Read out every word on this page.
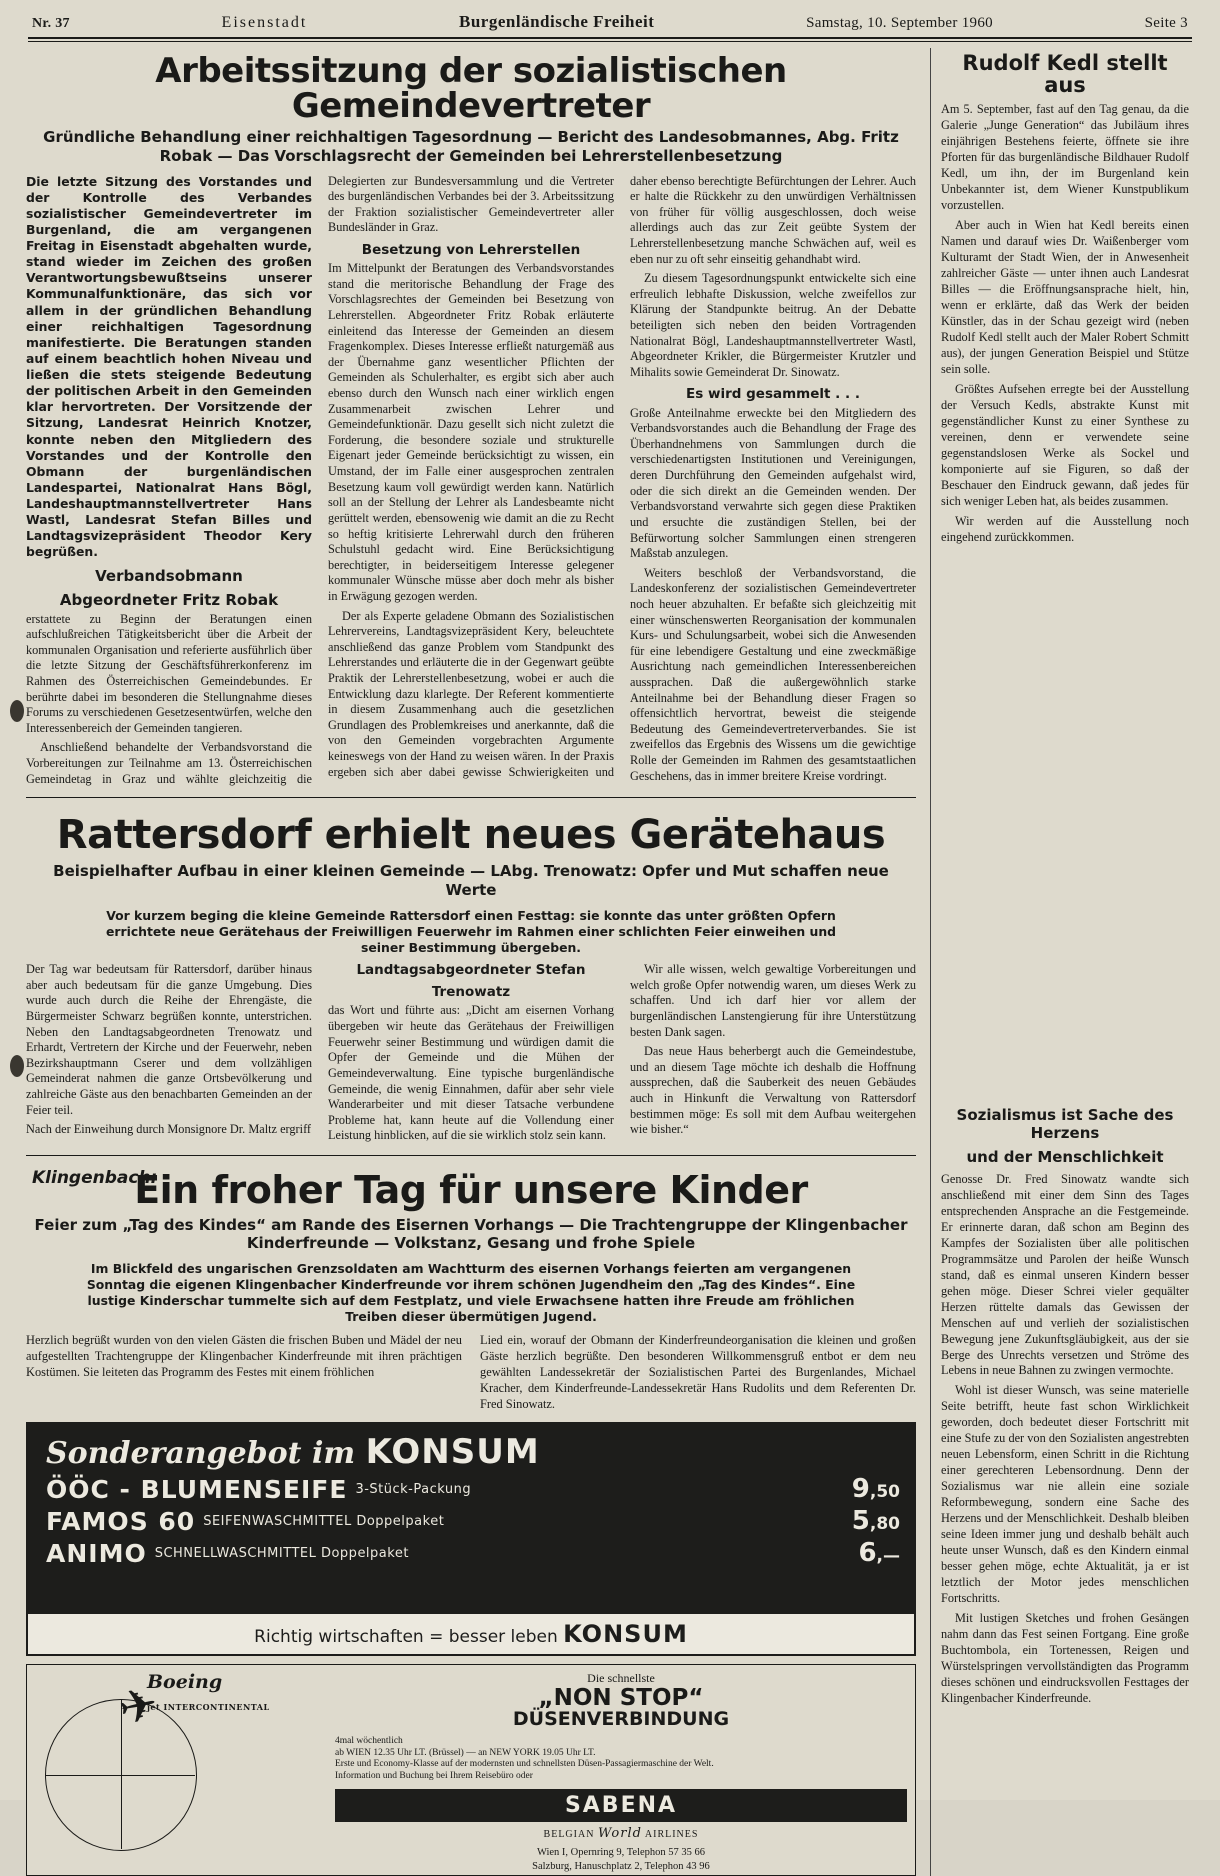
Nr. 37	Eisenstadt	Burgenländische Freiheit	Samstag, 10. September 1960	Seite 3
Arbeitssitzung der sozialistischen Gemeindevertreter
Gründliche Behandlung einer reichhaltigen Tagesordnung — Bericht des Landesobmannes, Abg. Fritz Robak — Das Vorschlagsrecht der Gemeinden bei Lehrerstellenbesetzung

Die letzte Sitzung des Vorstandes und der Kontrolle des Verbandes sozialistischer Gemeindevertreter im Burgenland, die am vergangenen Freitag in Eisenstadt abgehalten wurde, stand wieder im Zeichen des großen Verantwortungsbewußtseins unserer Kommunalfunktionäre, das sich vor allem in der gründlichen Behandlung einer reichhaltigen Tagesordnung manifestierte. Die Beratungen standen auf einem beachtlich hohen Niveau und ließen die stets steigende Bedeutung der politischen Arbeit in den Gemeinden klar hervortreten. Der Vorsitzende der Sitzung, Landesrat Heinrich Knotzer, konnte neben den Mitgliedern des Vorstandes und der Kontrolle den Obmann der burgenländischen Landespartei, Nationalrat Hans Bögl, Landeshauptmannstellvertreter Hans Wastl, Landesrat Stefan Billes und Landtagsvizepräsident Theodor Kery begrüßen.

Verbandsobmann
Abgeordneter Fritz Robak

erstattete zu Beginn der Beratungen einen aufschlußreichen Tätigkeitsbericht über die Arbeit der kommunalen Organisation und referierte ausführlich über die letzte Sitzung der Geschäftsführerkonferenz im Rahmen des Österreichischen Gemeindebundes. Er berührte dabei im besonderen die Stellungnahme dieses Forums zu verschiedenen Gesetzesentwürfen, welche den Interessenbereich der Gemeinden tangieren.

Anschließend behandelte der Verbandsvorstand die Vorbereitungen zur Teilnahme am 13. Österreichischen Gemeindetag in Graz und wählte gleichzeitig die Delegierten zur Bundesversammlung und die Vertreter des burgenländischen Verbandes bei der 3. Arbeitssitzung der Fraktion sozialistischer Gemeindevertreter aller Bundesländer in Graz.

Besetzung von Lehrerstellen

Im Mittelpunkt der Beratungen des Verbandsvorstandes stand die meritorische Behandlung der Frage des Vorschlagsrechtes der Gemeinden bei Besetzung von Lehrerstellen. Abgeordneter Fritz Robak erläuterte einleitend das Interesse der Gemeinden an diesem Fragenkomplex. Dieses Interesse erfließt naturgemäß aus der Übernahme ganz wesentlicher Pflichten der Gemeinden als Schulerhalter, es ergibt sich aber auch ebenso durch den Wunsch nach einer wirklich engen Zusammenarbeit zwischen Lehrer und Gemeindefunktionär. Dazu gesellt sich nicht zuletzt die Forderung, die besondere soziale und strukturelle Eigenart jeder Gemeinde berücksichtigt zu wissen, ein Umstand, der im Falle einer ausgesprochen zentralen Besetzung kaum voll gewürdigt werden kann. Natürlich soll an der Stellung der Lehrer als Landesbeamte nicht gerüttelt werden, ebensowenig wie damit an die zu Recht so heftig kritisierte Lehrerwahl durch den früheren Schulstuhl gedacht wird. Eine Berücksichtigung berechtigter, in beiderseitigem Interesse gelegener kommunaler Wünsche müsse aber doch mehr als bisher in Erwägung gezogen werden.

Der als Experte geladene Obmann des Sozialistischen Lehrervereins, Landtagsvizepräsident Kery, beleuchtete anschließend das ganze Problem vom Standpunkt des Lehrerstandes und erläuterte die in der Gegenwart geübte Praktik der Lehrerstellenbesetzung, wobei er auch die Entwicklung dazu klarlegte. Der Referent kommentierte in diesem Zusammenhang auch die gesetzlichen Grundlagen des Problemkreises und anerkannte, daß die von den Gemeinden vorgebrachten Argumente keineswegs von der Hand zu weisen wären. In der Praxis ergeben sich aber dabei gewisse Schwierigkeiten und daher ebenso berechtigte Befürchtungen der Lehrer. Auch er halte die Rückkehr zu den unwürdigen Verhältnissen von früher für völlig ausgeschlossen, doch weise allerdings auch das zur Zeit geübte System der Lehrerstellenbesetzung manche Schwächen auf, weil es eben nur zu oft sehr einseitig gehandhabt wird.

Zu diesem Tagesordnungspunkt entwickelte sich eine erfreulich lebhafte Diskussion, welche zweifellos zur Klärung der Standpunkte beitrug. An der Debatte beteiligten sich neben den beiden Vortragenden Nationalrat Bögl, Landeshauptmannstellvertreter Wastl, Abgeordneter Krikler, die Bürgermeister Krutzler und Mihalits sowie Gemeinderat Dr. Sinowatz.

Es wird gesammelt . . .

Große Anteilnahme erweckte bei den Mitgliedern des Verbandsvorstandes auch die Behandlung der Frage des Überhandnehmens von Sammlungen durch die verschiedenartigsten Institutionen und Vereinigungen, deren Durchführung den Gemeinden aufgehalst wird, oder die sich direkt an die Gemeinden wenden. Der Verbandsvorstand verwahrte sich gegen diese Praktiken und ersuchte die zuständigen Stellen, bei der Befürwortung solcher Sammlungen einen strengeren Maßstab anzulegen.

Weiters beschloß der Verbandsvorstand, die Landeskonferenz der sozialistischen Gemeindevertreter noch heuer abzuhalten. Er befaßte sich gleichzeitig mit einer wünschenswerten Reorganisation der kommunalen Kurs- und Schulungsarbeit, wobei sich die Anwesenden für eine lebendigere Gestaltung und eine zweckmäßige Ausrichtung nach gemeindlichen Interessenbereichen aussprachen. Daß die außergewöhnlich starke Anteilnahme bei der Behandlung dieser Fragen so offensichtlich hervortrat, beweist die steigende Bedeutung des Gemeindevertreterverbandes. Sie ist zweifellos das Ergebnis des Wissens um die gewichtige Rolle der Gemeinden im Rahmen des gesamtstaatlichen Geschehens, das in immer breitere Kreise vordringt.

Rattersdorf erhielt neues Gerätehaus
Beispielhafter Aufbau in einer kleinen Gemeinde — LAbg. Trenowatz: Opfer und Mut schaffen neue Werte

Vor kurzem beging die kleine Gemeinde Rattersdorf einen Festtag: sie konnte das unter größten Opfern errichtete neue Gerätehaus der Freiwilligen Feuerwehr im Rahmen einer schlichten Feier einweihen und seiner Bestimmung übergeben.

Der Tag war bedeutsam für Rattersdorf, darüber hinaus aber auch bedeutsam für die ganze Umgebung. Dies wurde auch durch die Reihe der Ehrengäste, die Bürgermeister Schwarz begrüßen konnte, unterstrichen. Neben den Landtagsabgeordneten Trenowatz und Erhardt, Vertretern der Kirche und der Feuerwehr, neben Bezirkshauptmann Cserer und dem vollzähligen Gemeinderat nahmen die ganze Ortsbevölkerung und zahlreiche Gäste aus den benachbarten Gemeinden an der Feier teil.

Nach der Einweihung durch Monsignore Dr. Maltz ergriff

Landtagsabgeordneter Stefan
Trenowatz

das Wort und führte aus: „Dicht am eisernen Vorhang übergeben wir heute das Gerätehaus der Freiwilligen Feuerwehr seiner Bestimmung und würdigen damit die Opfer der Gemeinde und die Mühen der Gemeindeverwaltung. Eine typische burgenländische Gemeinde, die wenig Einnahmen, dafür aber sehr viele Wanderarbeiter und mit dieser Tatsache verbundene Probleme hat, kann heute auf die Vollendung einer Leistung hinblicken, auf die sie wirklich stolz sein kann.

Wir alle wissen, welch gewaltige Vorbereitungen und welch große Opfer notwendig waren, um dieses Werk zu schaffen. Und ich darf hier vor allem der burgenländischen Lanstengierung für ihre Unterstützung besten Dank sagen.

Das neue Haus beherbergt auch die Gemeindestube, und an diesem Tage möchte ich deshalb die Hoffnung aussprechen, daß die Sauberkeit des neuen Gebäudes auch in Hinkunft die Verwaltung von Rattersdorf bestimmen möge: Es soll mit dem Aufbau weitergehen wie bisher.“

Klingenbach:
Ein froher Tag für unsere Kinder
Feier zum „Tag des Kindes“ am Rande des Eisernen Vorhangs — Die Trachtengruppe der Klingenbacher Kinderfreunde — Volkstanz, Gesang und frohe Spiele

Im Blickfeld des ungarischen Grenzsoldaten am Wachtturm des eisernen Vorhangs feierten am vergangenen Sonntag die eigenen Klingenbacher Kinderfreunde vor ihrem schönen Jugendheim den „Tag des Kindes“. Eine lustige Kinderschar tummelte sich auf dem Festplatz, und viele Erwachsene hatten ihre Freude am fröhlichen Treiben dieser übermütigen Jugend.

Herzlich begrüßt wurden von den vielen Gästen die frischen Buben und Mädel der neu aufgestellten Trachtengruppe der Klingenbacher Kinderfreunde mit ihren prächtigen Kostümen. Sie leiteten das Programm des Festes mit einem fröhlichen

Lied ein, worauf der Obmann der Kinderfreundeorganisation die kleinen und großen Gäste herzlich begrüßte. Den besonderen Willkommensgruß entbot er dem neu gewählten Landessekretär der Sozialistischen Partei des Burgenlandes, Michael Kracher, dem Kinderfreunde-Landessekretär Hans Rudolits und dem Referenten Dr. Fred Sinowatz.

Sonderangebot im KONSUM
ÖÖC - BLUMENSEIFE 3-Stück-Packung	9,50
FAMOS 60 SEIFENWASCHMITTEL Doppelpaket	5,80
ANIMO SCHNELLWASCHMITTEL Doppelpaket	6,—
Richtig wirtschaften = besser leben KONSUM
✈
Boeing
jet INTERCONTINENTAL
Die schnellste
„NON STOP“
DÜSENVERBINDUNG
4mal wöchentlich
ab WIEN 12.35 Uhr LT. (Brüssel) — an NEW YORK 19.05 Uhr LT.
Erste und Economy-Klasse auf der modernsten und schnellsten Düsen-Passagiermaschine der Welt.
Information und Buchung bei Ihrem Reisebüro oder
SABENA
BELGIAN World AIRLINES
Wien I, Opernring 9, Telephon 57 35 66
Salzburg, Hanuschplatz 2, Telephon 43 96
Rudolf Kedl stellt aus

Am 5. September, fast auf den Tag genau, da die Galerie „Junge Generation“ das Jubiläum ihres einjährigen Bestehens feierte, öffnete sie ihre Pforten für das burgenländische Bildhauer Rudolf Kedl, um ihn, der im Burgenland kein Unbekannter ist, dem Wiener Kunstpublikum vorzustellen.

Aber auch in Wien hat Kedl bereits einen Namen und darauf wies Dr. Waißenberger vom Kulturamt der Stadt Wien, der in Anwesenheit zahlreicher Gäste — unter ihnen auch Landesrat Billes — die Eröffnungsansprache hielt, hin, wenn er erklärte, daß das Werk der beiden Künstler, das in der Schau gezeigt wird (neben Rudolf Kedl stellt auch der Maler Robert Schmitt aus), der jungen Generation Beispiel und Stütze sein solle.

Größtes Aufsehen erregte bei der Ausstellung der Versuch Kedls, abstrakte Kunst mit gegenständlicher Kunst zu einer Synthese zu vereinen, denn er verwendete seine gegenstandslosen Werke als Sockel und komponierte auf sie Figuren, so daß der Beschauer den Eindruck gewann, daß jedes für sich weniger Leben hat, als beides zusammen.

Wir werden auf die Ausstellung noch eingehend zurückkommen.

Sozialismus ist Sache des Herzens
und der Menschlichkeit

Genosse Dr. Fred Sinowatz wandte sich anschließend mit einer dem Sinn des Tages entsprechenden Ansprache an die Festgemeinde. Er erinnerte daran, daß schon am Beginn des Kampfes der Sozialisten über alle politischen Programmsätze und Parolen der heiße Wunsch stand, daß es einmal unseren Kindern besser gehen möge. Dieser Schrei vieler gequälter Herzen rüttelte damals das Gewissen der Menschen auf und verlieh der sozialistischen Bewegung jene Zukunftsgläubigkeit, aus der sie Berge des Unrechts versetzen und Ströme des Lebens in neue Bahnen zu zwingen vermochte.

Wohl ist dieser Wunsch, was seine materielle Seite betrifft, heute fast schon Wirklichkeit geworden, doch bedeutet dieser Fortschritt mit eine Stufe zu der von den Sozialisten angestrebten neuen Lebensform, einen Schritt in die Richtung einer gerechteren Lebensordnung. Denn der Sozialismus war nie allein eine soziale Reformbewegung, sondern eine Sache des Herzens und der Menschlichkeit. Deshalb bleiben seine Ideen immer jung und deshalb behält auch heute unser Wunsch, daß es den Kindern einmal besser gehen möge, echte Aktualität, ja er ist letztlich der Motor jedes menschlichen Fortschritts.

Mit lustigen Sketches und frohen Gesängen nahm dann das Fest seinen Fortgang. Eine große Buchtombola, ein Tortenessen, Reigen und Würstelspringen vervollständigten das Programm dieses schönen und eindrucksvollen Festtages der Klingenbacher Kinderfreunde.
